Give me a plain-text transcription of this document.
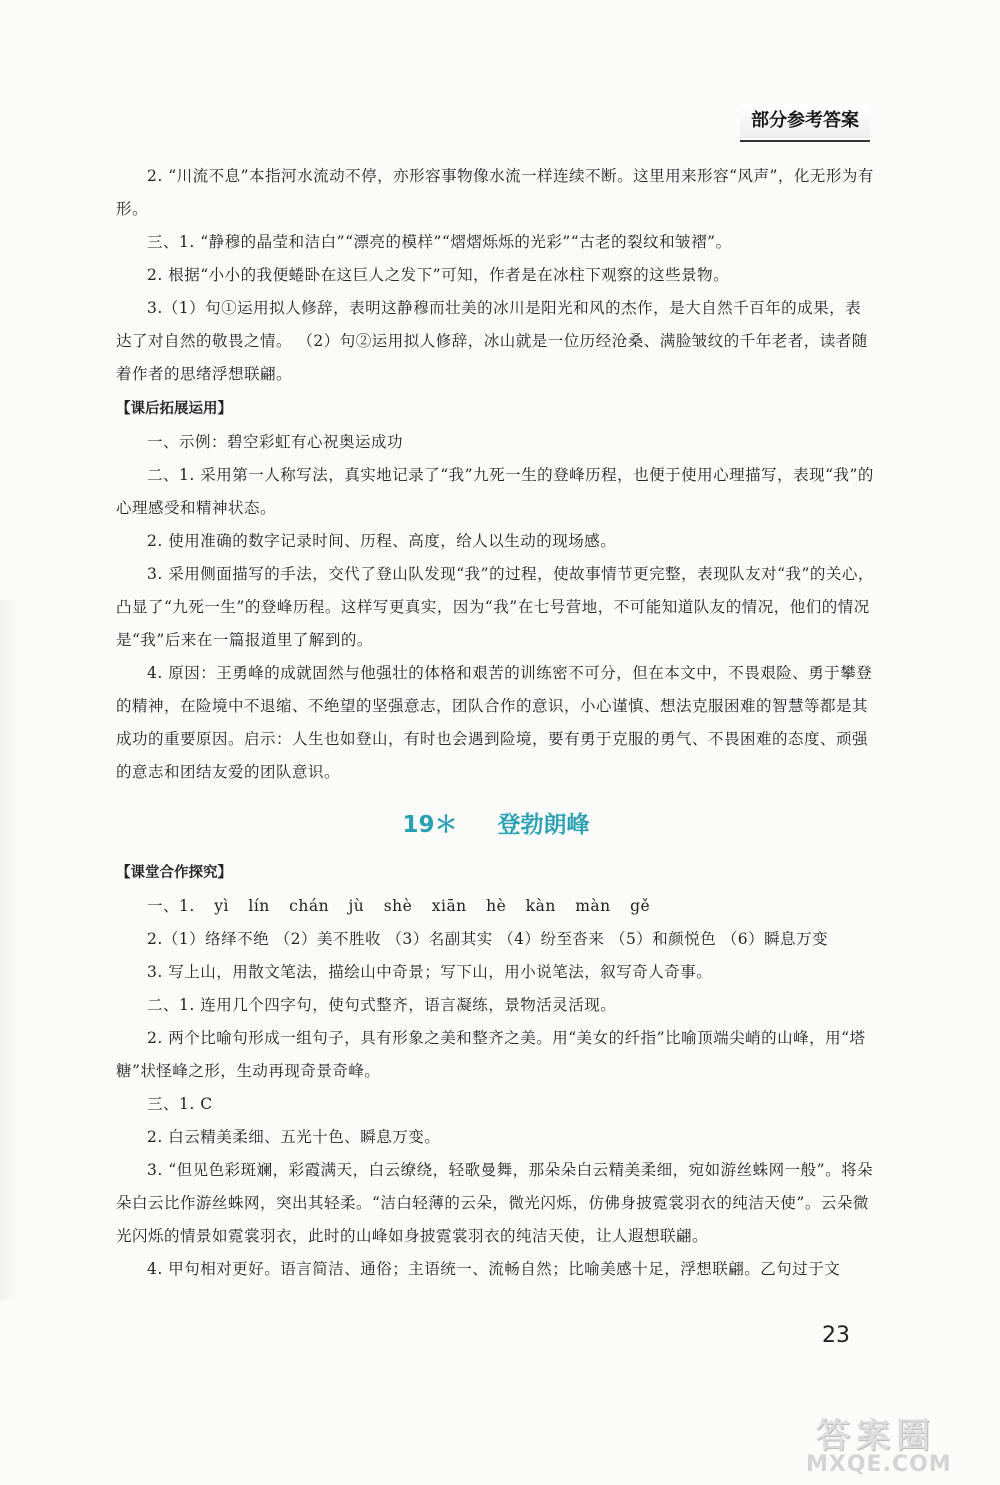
部分参考答案

2. “川流不息”本指河水流动不停，亦形容事物像水流一样连续不断。这里用来形容“风声”，化无形为有形。

三、1. “静穆的晶莹和洁白”“漂亮的模样”“熠熠烁烁的光彩”“古老的裂纹和皱褶”。

2. 根据“小小的我便蜷卧在这巨人之发下”可知，作者是在冰柱下观察的这些景物。

3.（1）句①运用拟人修辞，表明这静穆而壮美的冰川是阳光和风的杰作，是大自然千百年的成果，表达了对自然的敬畏之情。 （2）句②运用拟人修辞，冰山就是一位历经沧桑、满脸皱纹的千年老者，读者随着作者的思绪浮想联翩。

【课后拓展运用】

一、示例：碧空彩虹有心祝奥运成功

二、1. 采用第一人称写法，真实地记录了“我”九死一生的登峰历程，也便于使用心理描写，表现“我”的心理感受和精神状态。

2. 使用准确的数字记录时间、历程、高度，给人以生动的现场感。

3. 采用侧面描写的手法，交代了登山队发现“我”的过程，使故事情节更完整，表现队友对“我”的关心，凸显了“九死一生”的登峰历程。这样写更真实，因为“我”在七号营地，不可能知道队友的情况，他们的情况是“我”后来在一篇报道里了解到的。

4. 原因：王勇峰的成就固然与他强壮的体格和艰苦的训练密不可分，但在本文中，不畏艰险、勇于攀登的精神，在险境中不退缩、不绝望的坚强意志，团队合作的意识，小心谨慎、想法克服困难的智慧等都是其成功的重要原因。启示：人生也如登山，有时也会遇到险境，要有勇于克服的勇气、不畏困难的态度、顽强的意志和团结友爱的团队意识。

19＊ 登勃朗峰
【课堂合作探究】

一、1. yì lín chán jù shè xiān hè kàn màn gě

2.（1）络绎不绝 （2）美不胜收 （3）名副其实 （4）纷至沓来 （5）和颜悦色 （6）瞬息万变

3. 写上山，用散文笔法，描绘山中奇景；写下山，用小说笔法，叙写奇人奇事。

二、1. 连用几个四字句，使句式整齐，语言凝练，景物活灵活现。

2. 两个比喻句形成一组句子，具有形象之美和整齐之美。用“美女的纤指”比喻顶端尖峭的山峰，用“塔糖”状怪峰之形，生动再现奇景奇峰。

三、1. C

2. 白云精美柔细、五光十色、瞬息万变。

3. “但见色彩斑斓，彩霞满天，白云缭绕，轻歌曼舞，那朵朵白云精美柔细，宛如游丝蛛网一般”。将朵朵白云比作游丝蛛网，突出其轻柔。“洁白轻薄的云朵，微光闪烁，仿佛身披霓裳羽衣的纯洁天使”。云朵微光闪烁的情景如霓裳羽衣，此时的山峰如身披霓裳羽衣的纯洁天使，让人遐想联翩。

4. 甲句相对更好。语言简洁、通俗；主语统一、流畅自然；比喻美感十足，浮想联翩。乙句过于文

23
答案圈
MXQE.COM
